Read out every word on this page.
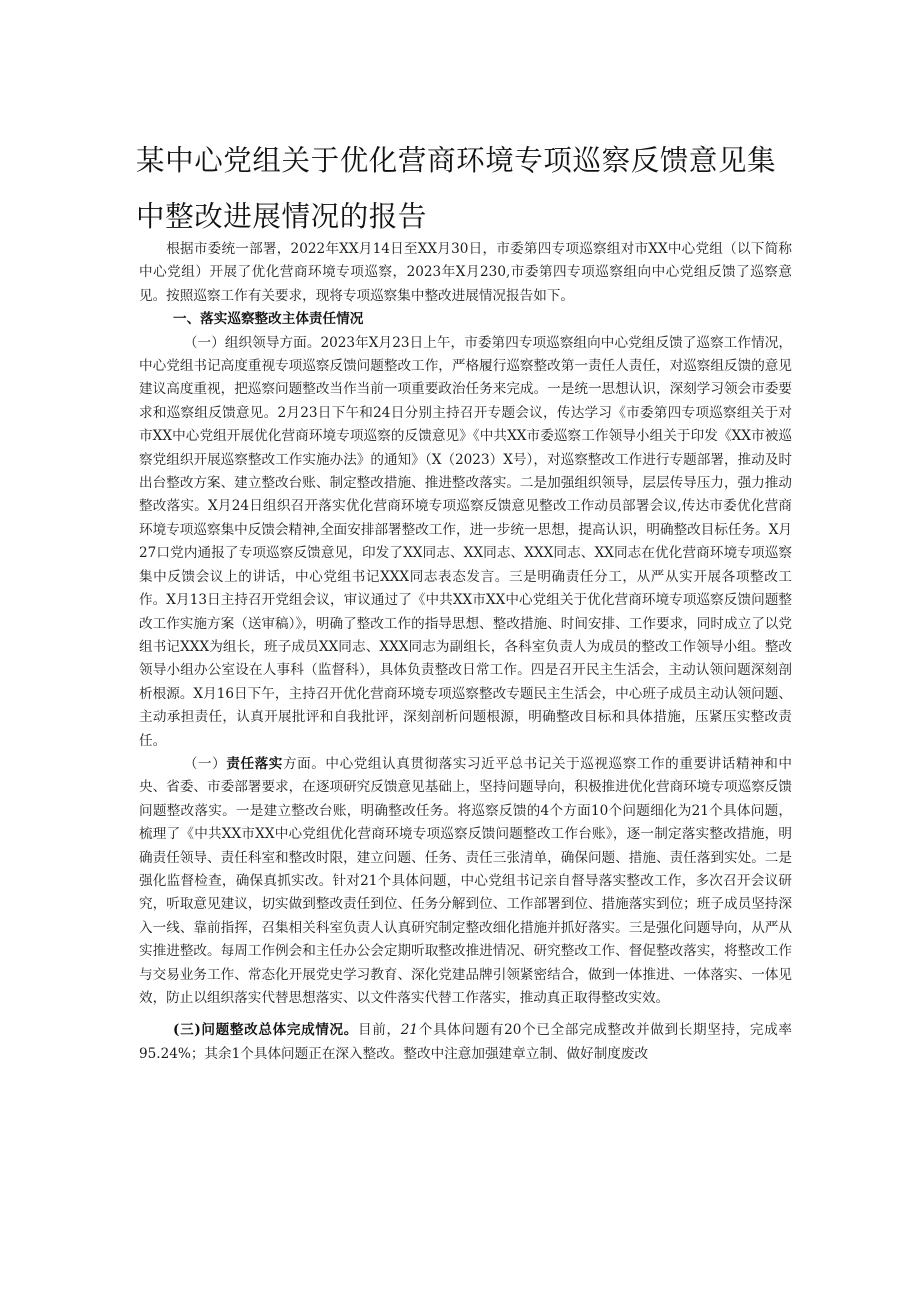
某中心党组关于优化营商环境专项巡察反馈意见集中整改进展情况的报告

根据市委统一部署，2022年XX月14日至XX月30日，市委第四专项巡察组对市XX中心党组（以下简称中心党组）开展了优化营商环境专项巡察，2023年X月230,市委第四专项巡察组向中心党组反馈了巡察意见。按照巡察工作有关要求，现将专项巡察集中整改进展情况报告如下。

一、落实巡察整改主体责任情况

（一）组织领导方面。2023年X月23日上午，市委第四专项巡察组向中心党组反馈了巡察工作情况，中心党组书记高度重视专项巡察反馈问题整改工作，严格履行巡察整改第一责任人责任，对巡察组反馈的意见建议高度重视，把巡察问题整改当作当前一项重要政治任务来完成。一是统一思想认识，深刻学习领会市委要求和巡察组反馈意见。2月23日下午和24日分别主持召开专题会议，传达学习《市委第四专项巡察组关于对市XX中心党组开展优化营商环境专项巡察的反馈意见》《中共XX市委巡察工作领导小组关于印发《XX市被巡察党组织开展巡察整改工作实施办法》的通知》（X（2023）X号），对巡察整改工作进行专题部署，推动及时出台整改方案、建立整改台账、制定整改措施、推进整改落实。二是加强组织领导，层层传导压力，强力推动整改落实。X月24日组织召开落实优化营商环境专项巡察反馈意见整改工作动员部署会议,传达市委优化营商环境专项巡察集中反馈会精神,全面安排部署整改工作，进一步统一思想，提高认识，明确整改目标任务。X月27口党内通报了专项巡察反馈意见，印发了XX同志、XX同志、XXX同志、XX同志在优化营商环境专项巡察集中反馈会议上的讲话，中心党组书记XXX同志表态发言。三是明确责任分工，从严从实开展各项整改工作。X月13日主持召开党组会议，审议通过了《中共XX市XX中心党组关于优化营商环境专项巡察反馈问题整改工作实施方案（送审稿）》，明确了整改工作的指导思想、整改措施、时间安排、工作要求，同时成立了以党组书记XXX为组长，班子成员XX同志、XXX同志为副组长，各科室负责人为成员的整改工作领导小组。整改领导小组办公室设在人事科（监督科），具体负责整改日常工作。四是召开民主生活会，主动认领问题深刻剖析根源。X月16日下午，主持召开优化营商环境专项巡察整改专题民主生活会，中心班子成员主动认领问题、主动承担责任，认真开展批评和自我批评，深刻剖析问题根源，明确整改目标和具体措施，压紧压实整改责任。

（一）责任落实方面。中心党组认真贯彻落实习近平总书记关于巡视巡察工作的重要讲话精神和中央、省委、市委部署要求，在逐项研究反馈意见基础上，坚持问题导向，积极推进优化营商环境专项巡察反馈问题整改落实。一是建立整改台账，明确整改任务。将巡察反馈的4个方面10个问题细化为21个具体问题，梳理了《中共XX市XX中心党组优化营商环境专项巡察反馈问题整改工作台账》，逐一制定落实整改措施，明确责任领导、责任科室和整改时限，建立问题、任务、责任三张清单，确保问题、措施、责任落到实处。二是强化监督检查，确保真抓实改。针对21个具体问题，中心党组书记亲自督导落实整改工作，多次召开会议研究，听取意见建议，切实做到整改责任到位、任务分解到位、工作部署到位、措施落实到位；班子成员坚持深入一线、靠前指挥，召集相关科室负责人认真研究制定整改细化措施并抓好落实。三是强化问题导向，从严从实推进整改。每周工作例会和主任办公会定期听取整改推进情况、研究整改工作、督促整改落实，将整改工作与交易业务工作、常态化开展党史学习教育、深化党建品牌引领紧密结合，做到一体推进、一体落实、一体见效，防止以组织落实代替思想落实、以文件落实代替工作落实，推动真正取得整改实效。

(三)问题整改总体完成情况。目前，21个具体问题有20个已全部完成整改并做到长期坚持，完成率95.24%；其余1个具体问题正在深入整改。整改中注意加强建章立制、做好制度废改
